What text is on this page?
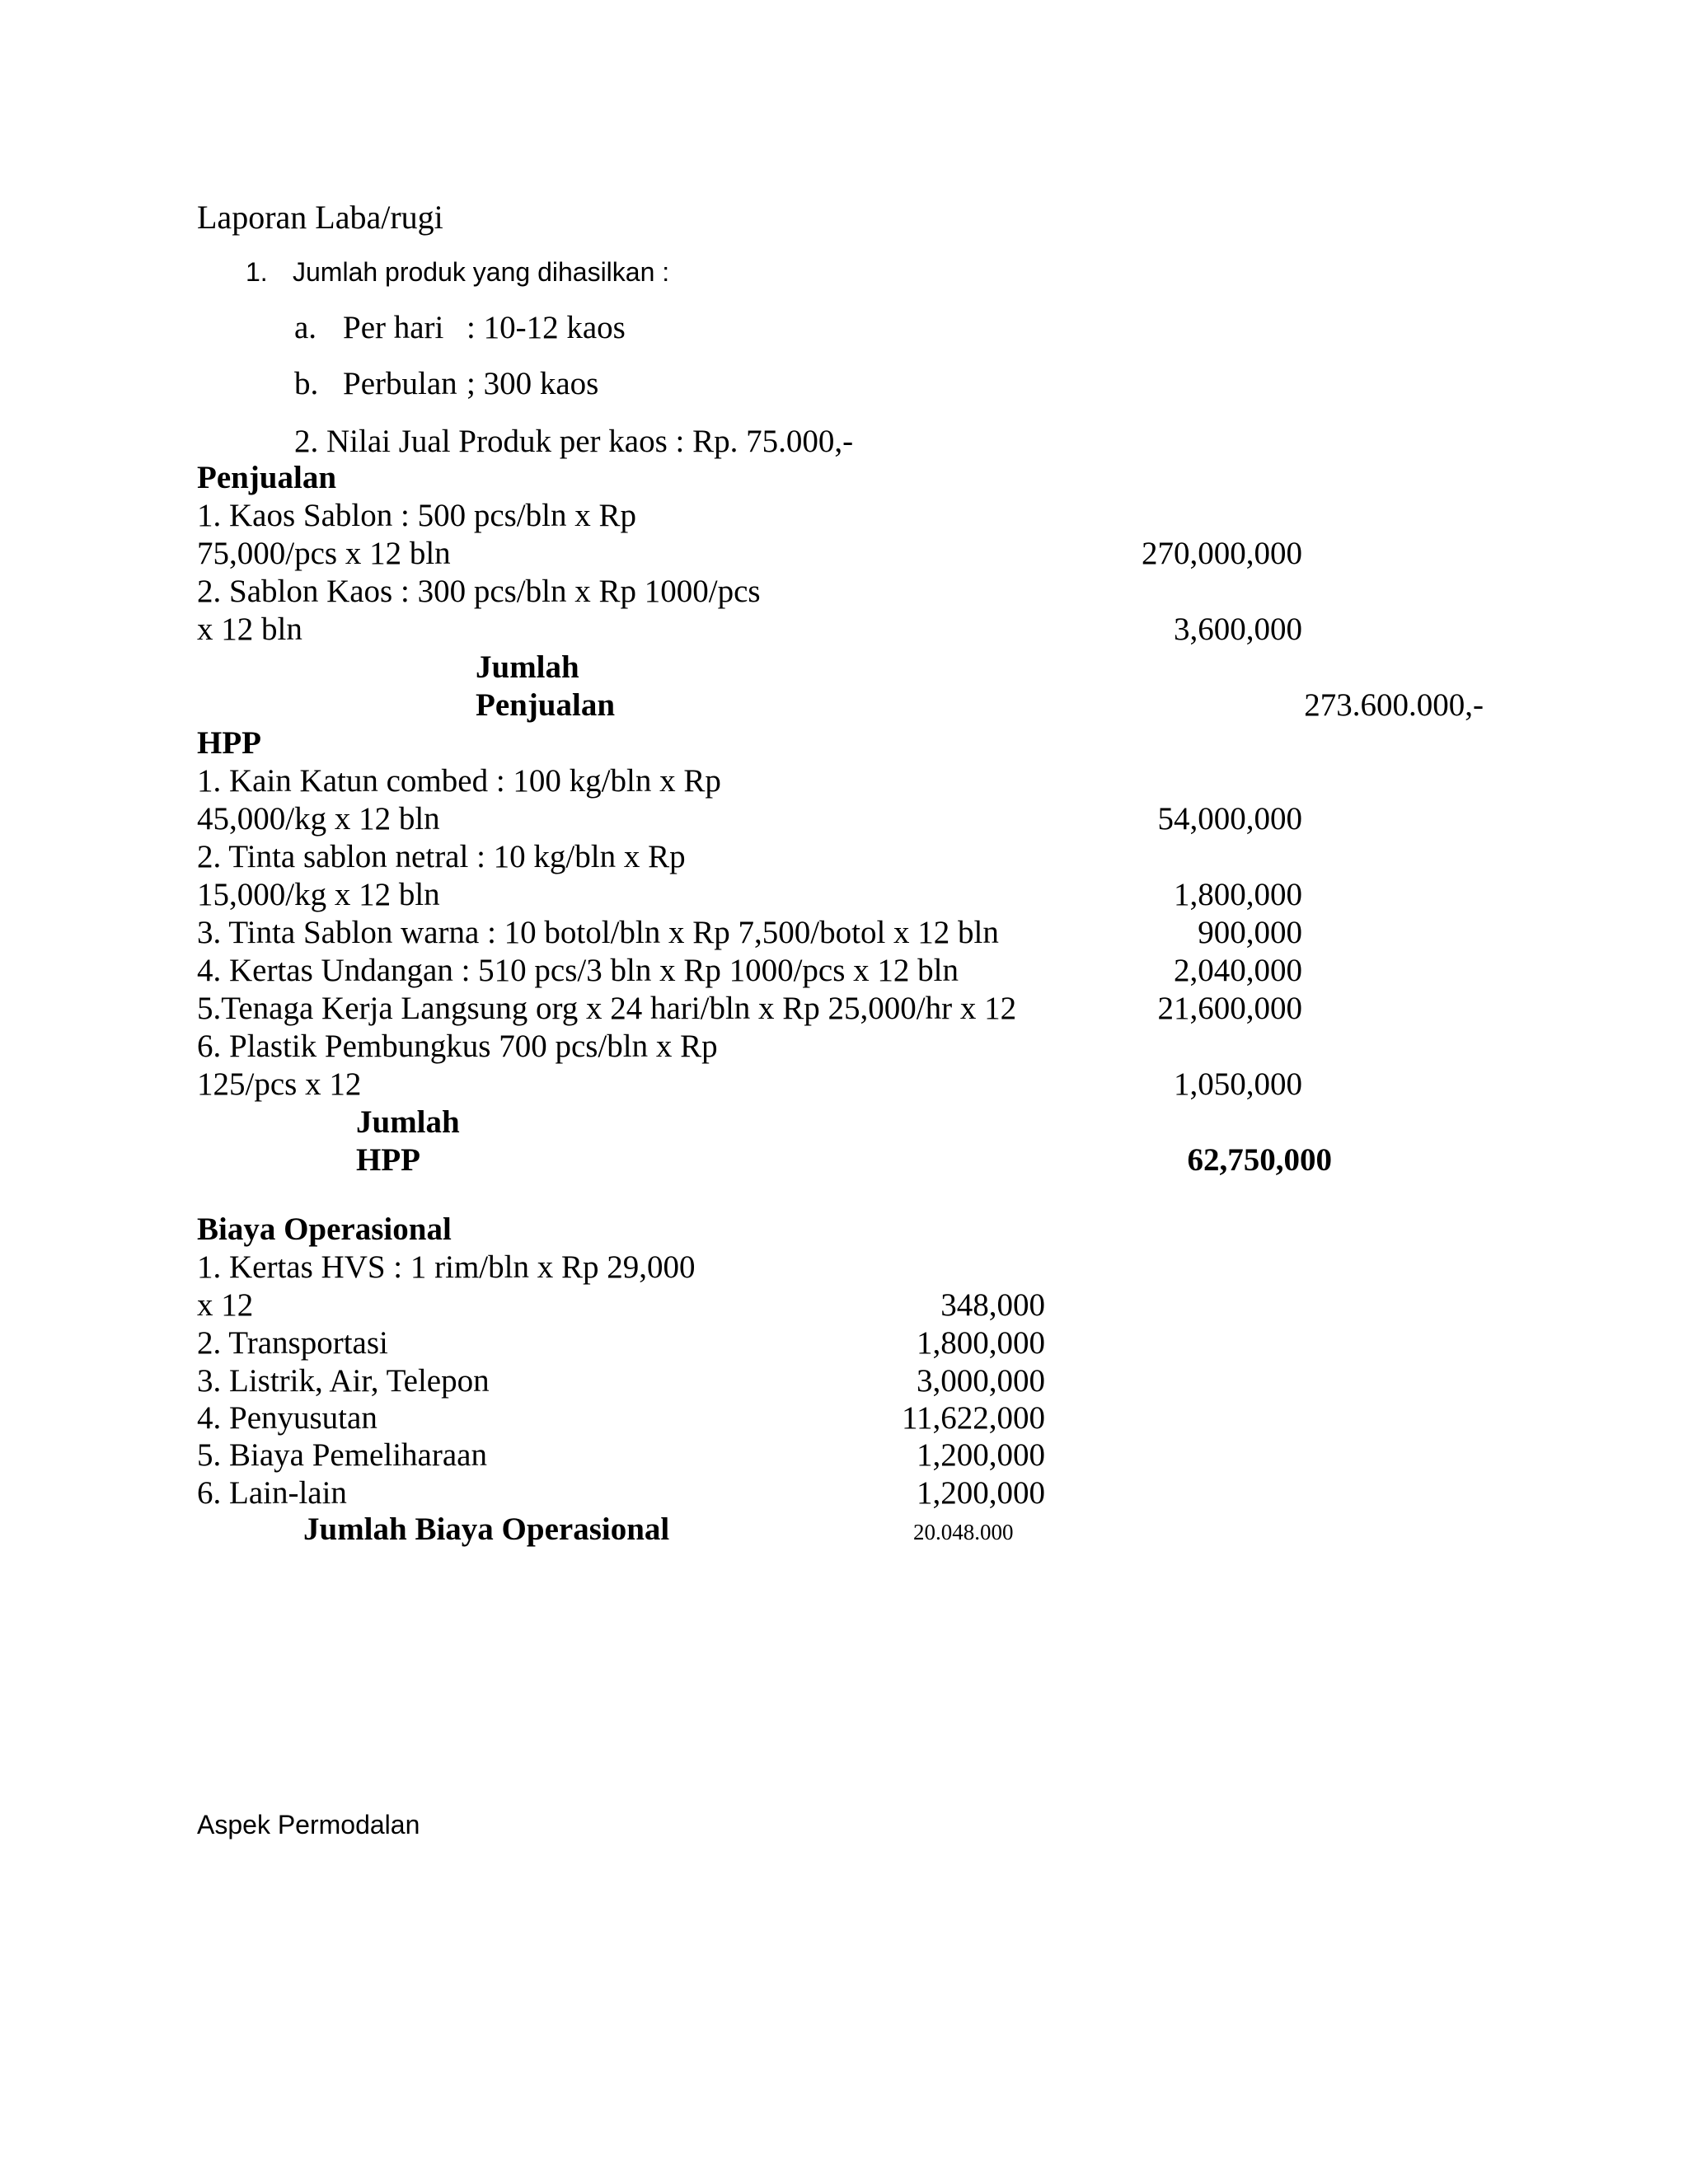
Laporan Laba/rugi
1. Jumlah produk yang dihasilkan :
a. Per hari : 10-12 kaos
b. Perbulan ; 300 kaos
2. Nilai Jual Produk per kaos : Rp. 75.000,-
Penjualan
1. Kaos Sablon : 500 pcs/bln x Rp
75,000/pcs x 12 bln	270,000,000
2. Sablon Kaos : 300 pcs/bln x Rp 1000/pcs
x 12 bln	3,600,000
Jumlah
Penjualan	273.600.000,-
HPP
1. Kain Katun combed : 100 kg/bln x Rp
45,000/kg x 12 bln	54,000,000
2. Tinta sablon netral : 10 kg/bln x Rp
15,000/kg x 12 bln	1,800,000
3. Tinta Sablon warna : 10 botol/bln x Rp 7,500/botol x 12 bln	900,000
4. Kertas Undangan : 510 pcs/3 bln x Rp 1000/pcs x 12 bln	2,040,000
5.Tenaga Kerja Langsung org x 24 hari/bln x Rp 25,000/hr x 12	21,600,000
6. Plastik Pembungkus 700 pcs/bln x Rp
125/pcs x 12	1,050,000
Jumlah
HPP	62,750,000
Biaya Operasional
1. Kertas HVS : 1 rim/bln x Rp 29,000
x 12	348,000
2. Transportasi	1,800,000
3. Listrik, Air, Telepon	3,000,000
4. Penyusutan	11,622,000
5. Biaya Pemeliharaan	1,200,000
6. Lain-lain	1,200,000
Jumlah Biaya Operasional	20.048.000
Aspek Permodalan
